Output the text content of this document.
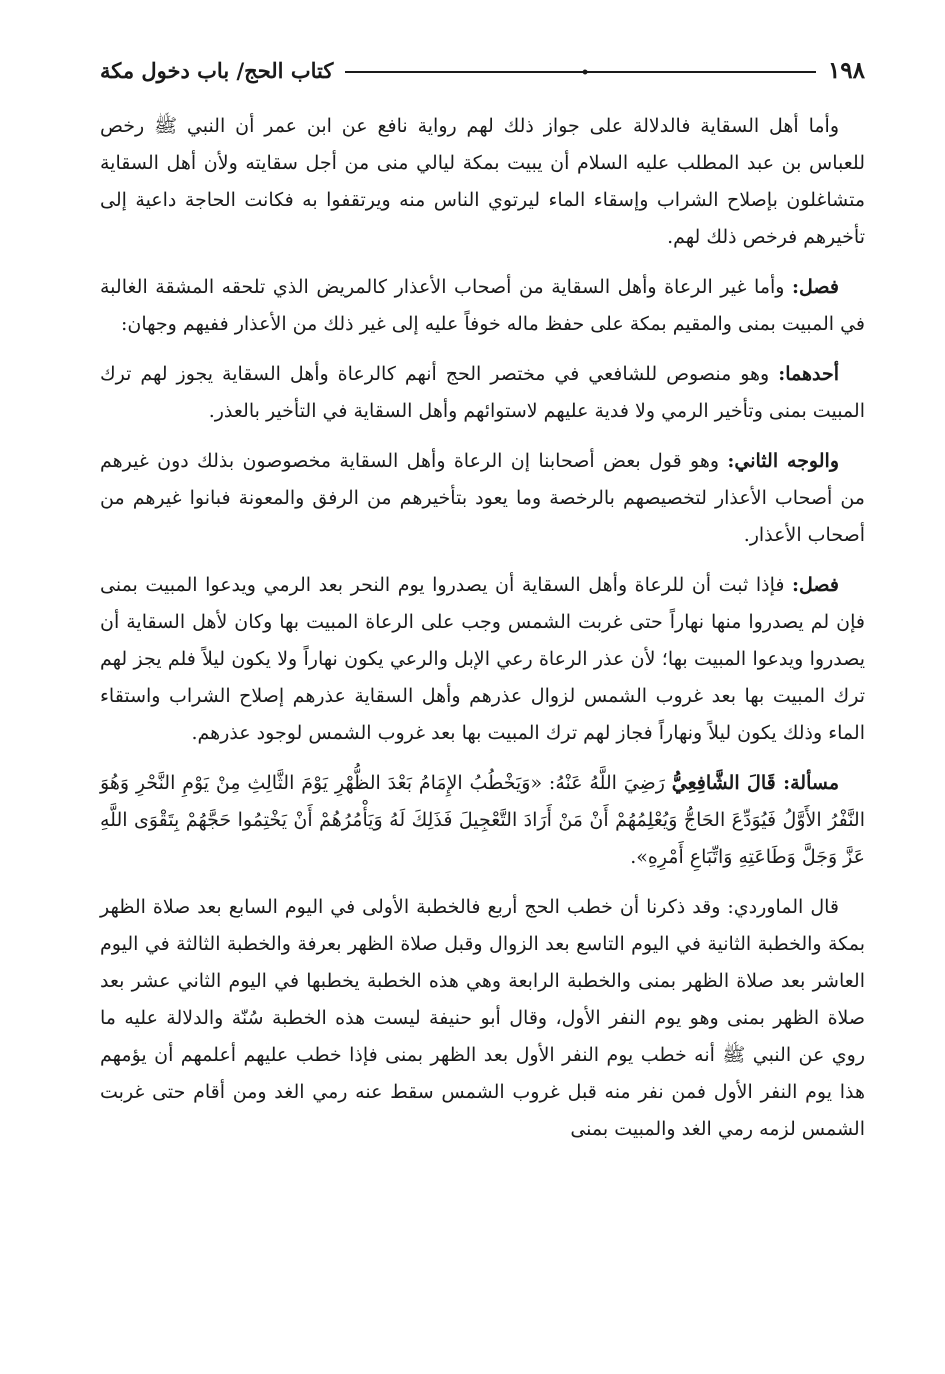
١٩٨
•
كتاب الحج/ باب دخول مكة

وأما أهل السقاية فالدلالة على جواز ذلك لهم رواية نافع عن ابن عمر أن النبي ﷺ رخص للعباس بن عبد المطلب عليه السلام أن يبيت بمكة ليالي منى من أجل سقايته ولأن أهل السقاية متشاغلون بإصلاح الشراب وإسقاء الماء ليرتوي الناس منه ويرتقفوا به فكانت الحاجة داعية إلى تأخيرهم فرخص ذلك لهم.

فصل: وأما غير الرعاة وأهل السقاية من أصحاب الأعذار كالمريض الذي تلحقه المشقة الغالبة في المبيت بمنى والمقيم بمكة على حفظ ماله خوفاً عليه إلى غير ذلك من الأعذار ففيهم وجهان:

أحدهما: وهو منصوص للشافعي في مختصر الحج أنهم كالرعاة وأهل السقاية يجوز لهم ترك المبيت بمنى وتأخير الرمي ولا فدية عليهم لاستوائهم وأهل السقاية في التأخير بالعذر.

والوجه الثاني: وهو قول بعض أصحابنا إن الرعاة وأهل السقاية مخصوصون بذلك دون غيرهم من أصحاب الأعذار لتخصيصهم بالرخصة وما يعود بتأخيرهم من الرفق والمعونة فبانوا غيرهم من أصحاب الأعذار.

فصل: فإذا ثبت أن للرعاة وأهل السقاية أن يصدروا يوم النحر بعد الرمي ويدعوا المبيت بمنى فإن لم يصدروا منها نهاراً حتى غربت الشمس وجب على الرعاة المبيت بها وكان لأهل السقاية أن يصدروا ويدعوا المبيت بها؛ لأن عذر الرعاة رعي الإبل والرعي يكون نهاراً ولا يكون ليلاً فلم يجز لهم ترك المبيت بها بعد غروب الشمس لزوال عذرهم وأهل السقاية عذرهم إصلاح الشراب واستقاء الماء وذلك يكون ليلاً ونهاراً فجاز لهم ترك المبيت بها بعد غروب الشمس لوجود عذرهم.

مسألة: قَالَ الشَّافِعِيُّ رَضِيَ اللَّهُ عَنْهُ: «وَيَخْطُبُ الإِمَامُ بَعْدَ الظُّهْرِ يَوْمَ الثَّالِثِ مِنْ يَوْمِ النَّحْرِ وَهُوَ النَّفْرُ الأَوَّلُ فَيُوَدِّعَ الحَاجُّ وَيُعْلِمُهُمْ أَنْ مَنْ أَرَادَ التَّعْجِيلَ فَذَلِكَ لَهُ وَيَأْمُرُهُمْ أَنْ يَخْتِمُوا حَجَّهُمْ بِتَقْوَى اللَّهِ عَزَّ وَجَلَّ وَطَاعَتِهِ وَاتِّبَاعِ أَمْرِهِ».

قال الماوردي: وقد ذكرنا أن خطب الحج أربع فالخطبة الأولى في اليوم السابع بعد صلاة الظهر بمكة والخطبة الثانية في اليوم التاسع بعد الزوال وقبل صلاة الظهر بعرفة والخطبة الثالثة في اليوم العاشر بعد صلاة الظهر بمنى والخطبة الرابعة وهي هذه الخطبة يخطبها في اليوم الثاني عشر بعد صلاة الظهر بمنى وهو يوم النفر الأول، وقال أبو حنيفة ليست هذه الخطبة سُنّة والدلالة عليه ما روي عن النبي ﷺ أنه خطب يوم النفر الأول بعد الظهر بمنى فإذا خطب عليهم أعلمهم أن يؤمهم هذا يوم النفر الأول فمن نفر منه قبل غروب الشمس سقط عنه رمي الغد ومن أقام حتى غربت الشمس لزمه رمي الغد والمبيت بمنى
